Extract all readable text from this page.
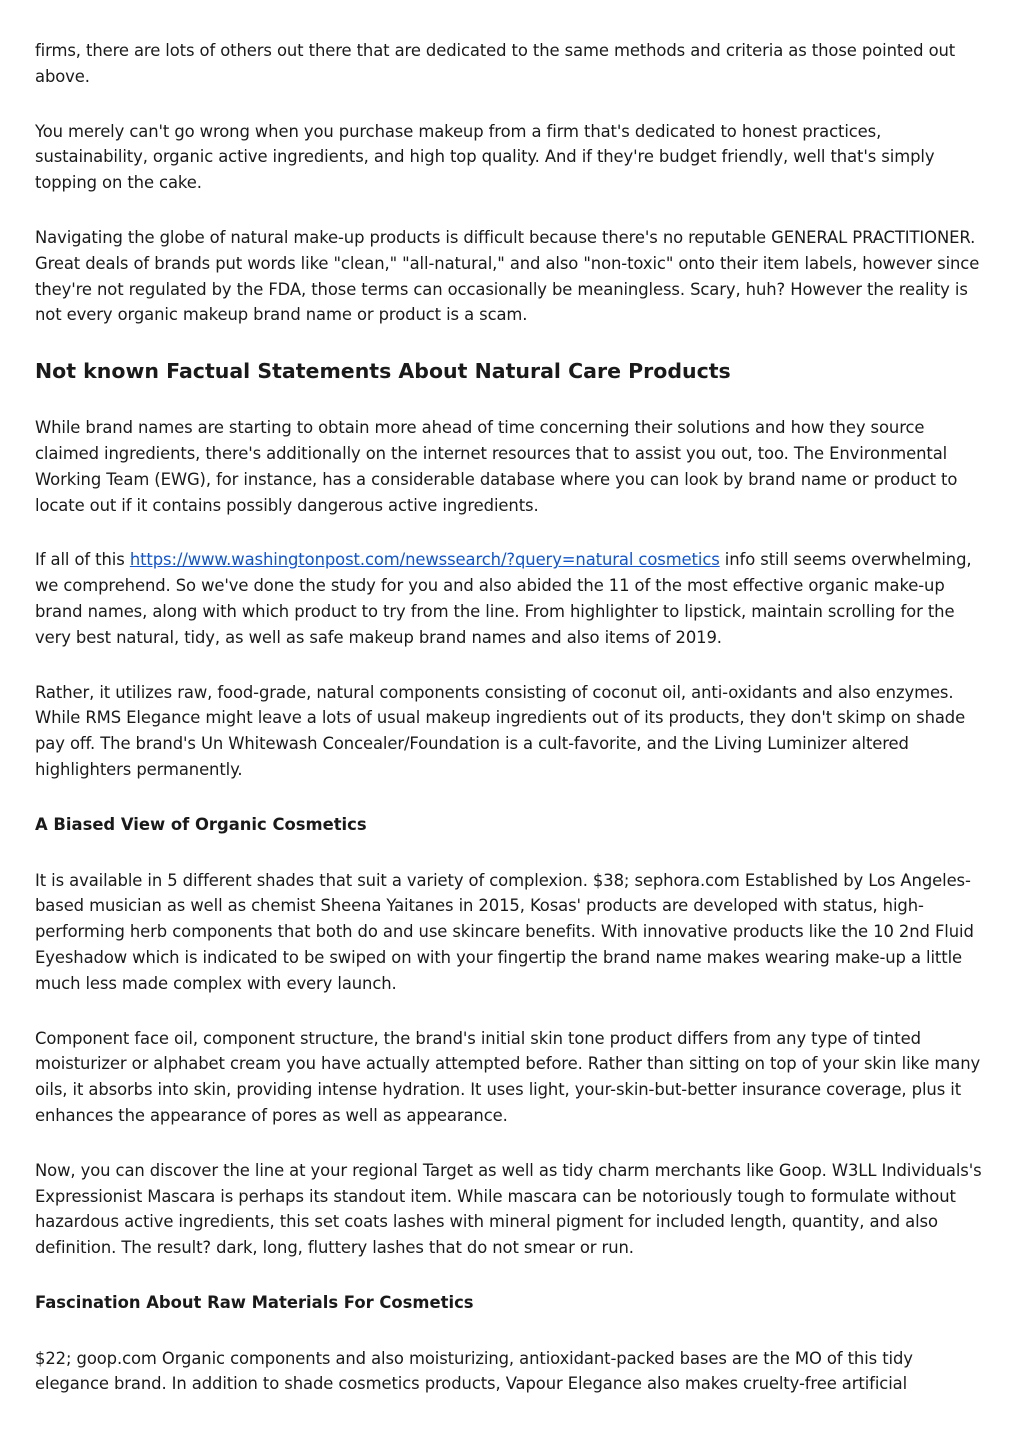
firms, there are lots of others out there that are dedicated to the same methods and criteria as those pointed out above.

You merely can't go wrong when you purchase makeup from a firm that's dedicated to honest practices, sustainability, organic active ingredients, and high top quality. And if they're budget friendly, well that's simply topping on the cake.

Navigating the globe of natural make-up products is difficult because there's no reputable GENERAL PRACTITIONER. Great deals of brands put words like "clean," "all-natural," and also "non-toxic" onto their item labels, however since they're not regulated by the FDA, those terms can occasionally be meaningless. Scary, huh? However the reality is not every organic makeup brand name or product is a scam.

Not known Factual Statements About Natural Care Products

While brand names are starting to obtain more ahead of time concerning their solutions and how they source claimed ingredients, there's additionally on the internet resources that to assist you out, too. The Environmental Working Team (EWG), for instance, has a considerable database where you can look by brand name or product to locate out if it contains possibly dangerous active ingredients.

If all of this https://www.washingtonpost.com/newssearch/?query=natural cosmetics info still seems overwhelming, we comprehend. So we've done the study for you and also abided the 11 of the most effective organic make-up brand names, along with which product to try from the line. From highlighter to lipstick, maintain scrolling for the very best natural, tidy, as well as safe makeup brand names and also items of 2019.

Rather, it utilizes raw, food-grade, natural components consisting of coconut oil, anti-oxidants and also enzymes. While RMS Elegance might leave a lots of usual makeup ingredients out of its products, they don't skimp on shade pay off. The brand's Un Whitewash Concealer/Foundation is a cult-favorite, and the Living Luminizer altered highlighters permanently.

A Biased View of Organic Cosmetics

It is available in 5 different shades that suit a variety of complexion. $38; sephora.com Established by Los Angeles-based musician as well as chemist Sheena Yaitanes in 2015, Kosas' products are developed with status, high-performing herb components that both do and use skincare benefits. With innovative products like the 10 2nd Fluid Eyeshadow which is indicated to be swiped on with your fingertip the brand name makes wearing make-up a little much less made complex with every launch.

Component face oil, component structure, the brand's initial skin tone product differs from any type of tinted moisturizer or alphabet cream you have actually attempted before. Rather than sitting on top of your skin like many oils, it absorbs into skin, providing intense hydration. It uses light, your-skin-but-better insurance coverage, plus it enhances the appearance of pores as well as appearance.

Now, you can discover the line at your regional Target as well as tidy charm merchants like Goop. W3LL Individuals's Expressionist Mascara is perhaps its standout item. While mascara can be notoriously tough to formulate without hazardous active ingredients, this set coats lashes with mineral pigment for included length, quantity, and also definition. The result? dark, long, fluttery lashes that do not smear or run.

Fascination About Raw Materials For Cosmetics

$22; goop.com Organic components and also moisturizing, antioxidant-packed bases are the MO of this tidy elegance brand. In addition to shade cosmetics products, Vapour Elegance also makes cruelty-free artificial
